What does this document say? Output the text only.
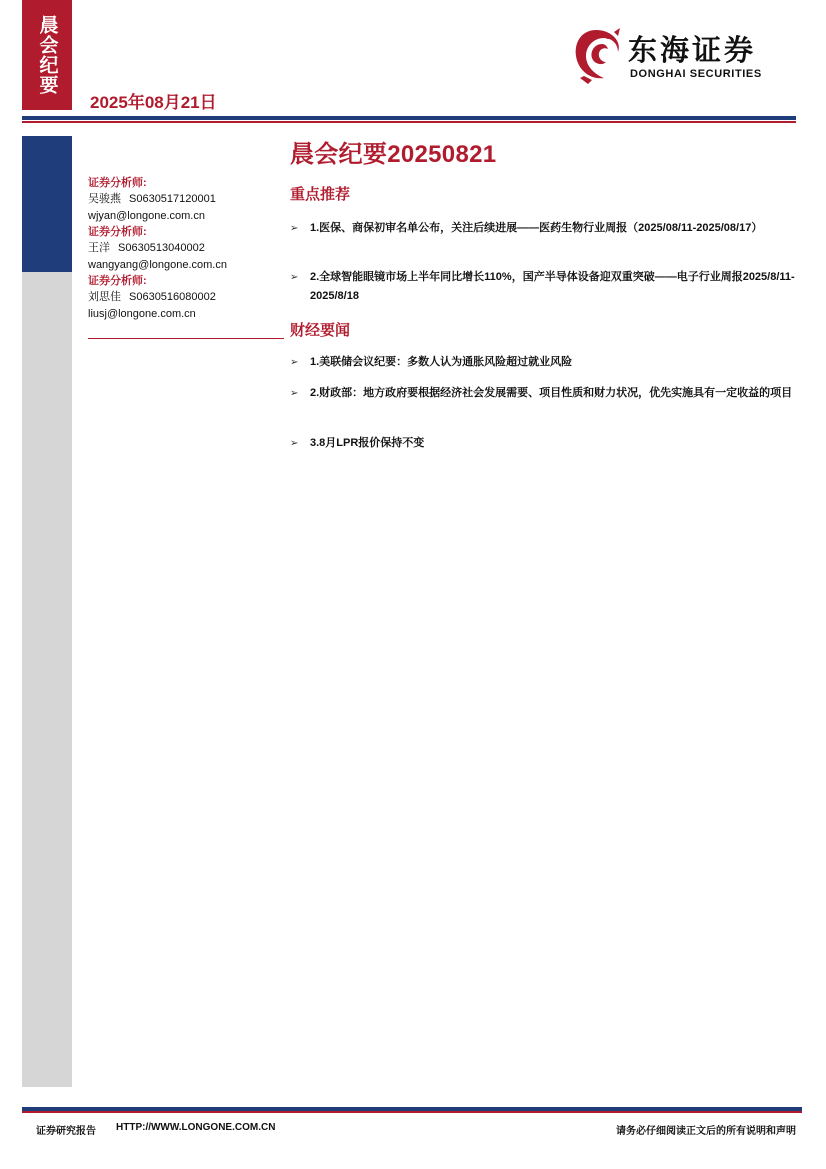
晨会纪要
2025年08月21日
东海证券
DONGHAI SECURITIES
证券分析师:
吴骏燕 S0630517120001
wjyan@longone.com.cn
证券分析师:
王洋 S0630513040002
wangyang@longone.com.cn
证券分析师:
刘思佳 S0630516080002
liusj@longone.com.cn
晨会纪要20250821
重点推荐
➢	1.医保、商保初审名单公布，关注后续进展——医药生物行业周报（2025/08/11-2025/08/17）
➢	2.全球智能眼镜市场上半年同比增长110%，国产半导体设备迎双重突破——电子行业周报2025/8/11-2025/8/18
财经要闻
➢	1.美联储会议纪要：多数人认为通胀风险超过就业风险
➢	2.财政部：地方政府要根据经济社会发展需要、项目性质和财力状况，优先实施具有一定收益的项目
➢	3.8月LPR报价保持不变
证券研究报告 HTTP://WWW.LONGONE.COM.CN	请务必仔细阅读正文后的所有说明和声明
